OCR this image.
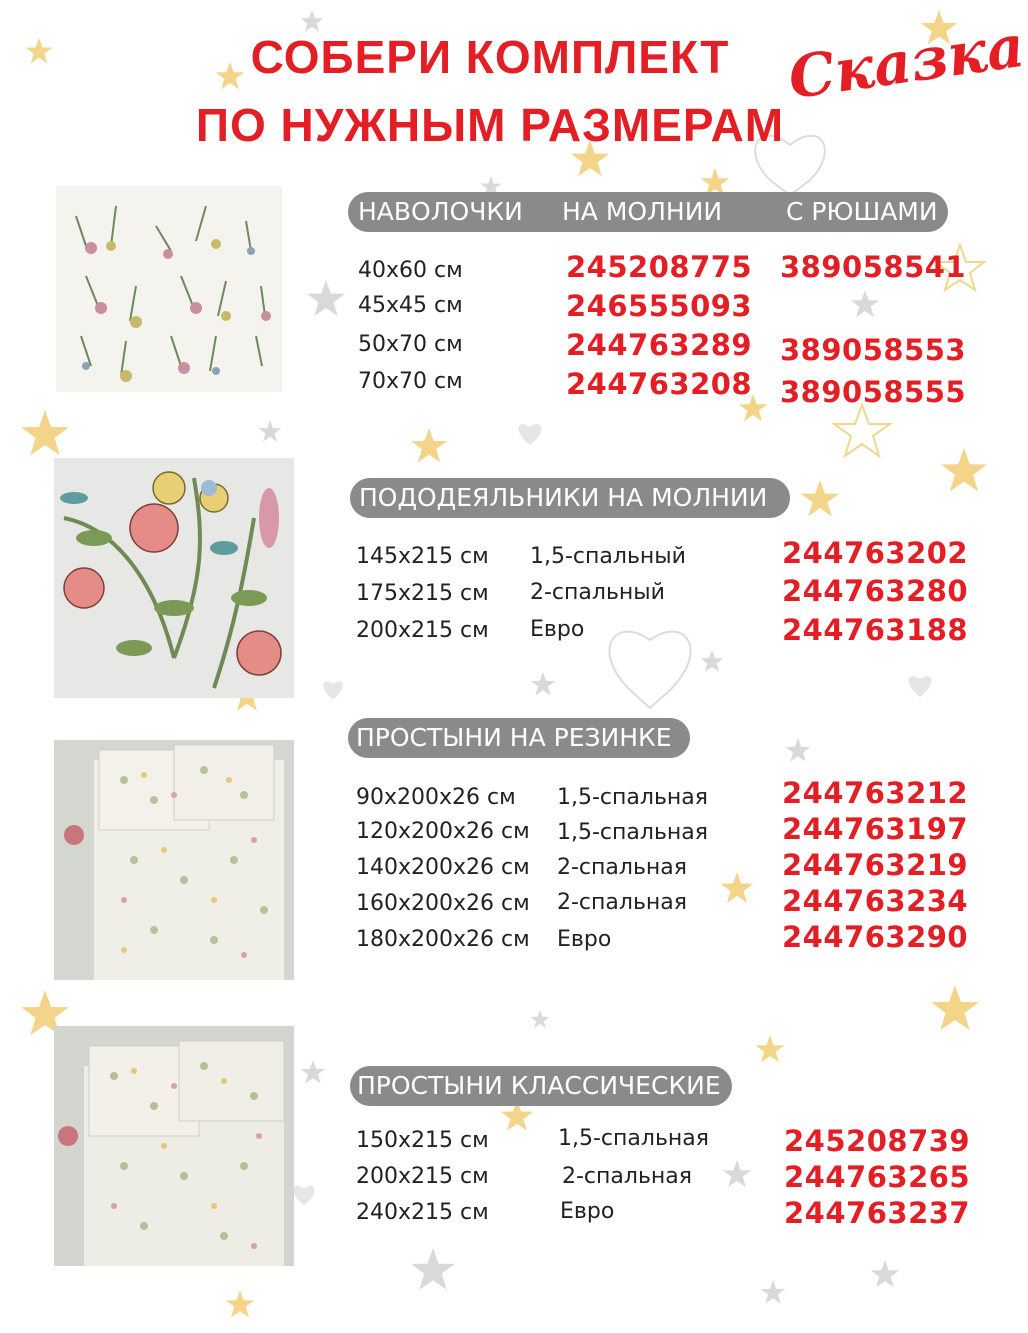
СОБЕРИ КОМПЛЕКТ
ПО НУЖНЫМ РАЗМЕРАМ
Сказка
НАВОЛОЧКИ НА МОЛНИИ	С РЮШАМИ
40х60 см
45х45 см
50х70 см
70х70 см
245208775
246555093
244763289
244763208
389058541
389058553
389058555
ПОДОДЕЯЛЬНИКИ НА МОЛНИИ
145х215 см
175х215 см
200х215 см
1,5-спальный
2-спальный
Евро
244763202
244763280
244763188
ПРОСТЫНИ НА РЕЗИНКЕ
90х200х26 см
120х200х26 см
140х200х26 см
160х200х26 см
180х200х26 см
1,5-спальная
1,5-спальная
2-спальная
2-спальная
Евро
244763212
244763197
244763219
244763234
244763290
ПРОСТЫНИ КЛАССИЧЕСКИЕ
150х215 см
200х215 см
240х215 см
1,5-спальная
2-спальная
Евро
245208739
244763265
244763237
